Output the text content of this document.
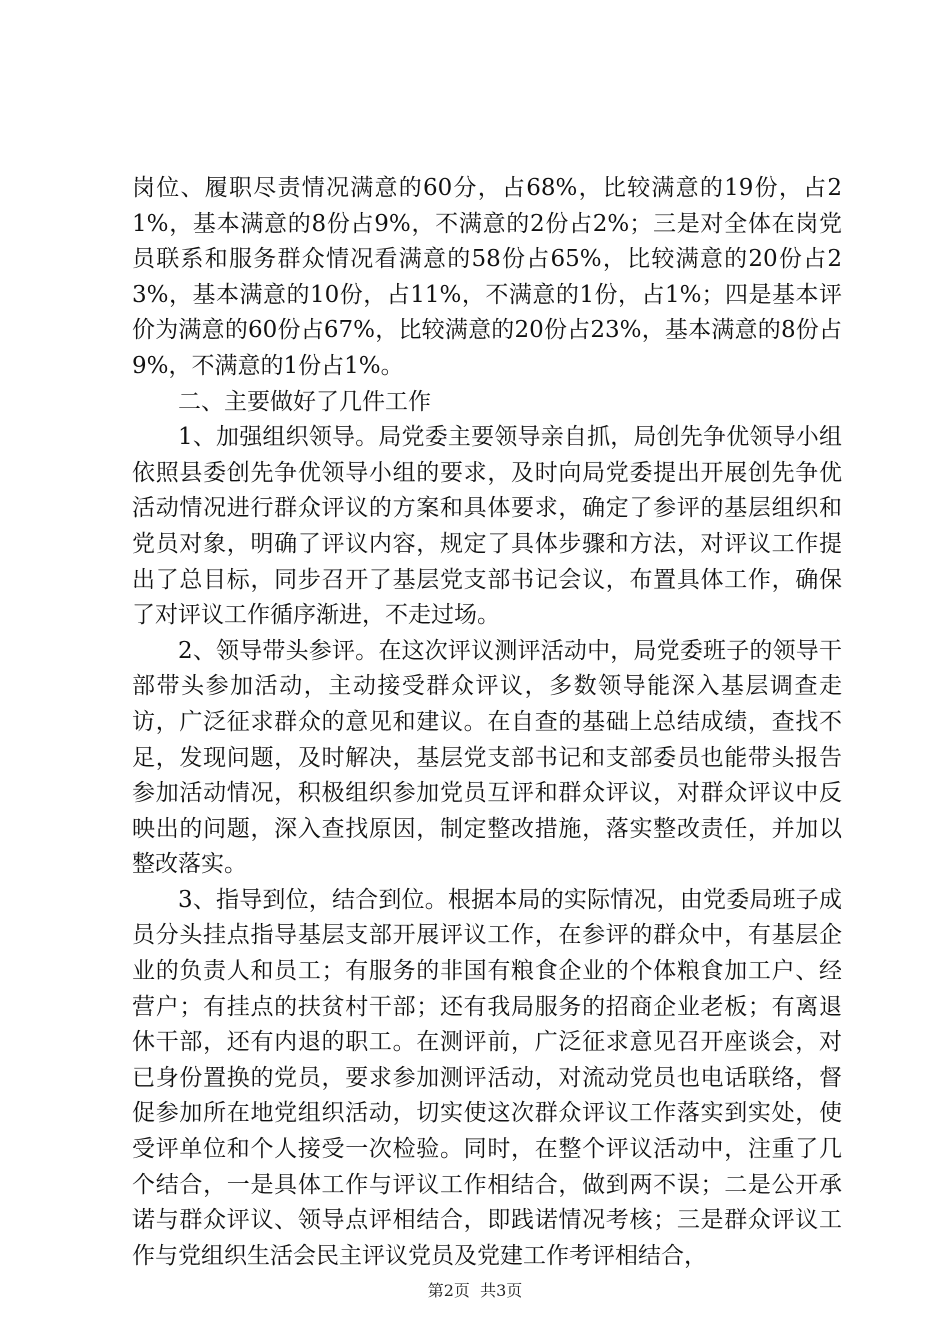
岗位、履职尽责情况满意的60分，占68%，比较满意的19份，占21%，基本满意的8份占9%，不满意的2份占2%；三是对全体在岗党员联系和服务群众情况看满意的58份占65%，比较满意的20份占23%，基本满意的10份，占11%，不满意的1份，占1%；四是基本评价为满意的60份占67%，比较满意的20份占23%，基本满意的8份占9%，不满意的1份占1%。

二、主要做好了几件工作

1、加强组织领导。局党委主要领导亲自抓，局创先争优领导小组依照县委创先争优领导小组的要求，及时向局党委提出开展创先争优活动情况进行群众评议的方案和具体要求，确定了参评的基层组织和党员对象，明确了评议内容，规定了具体步骤和方法，对评议工作提出了总目标，同步召开了基层党支部书记会议，布置具体工作，确保了对评议工作循序渐进，不走过场。

2、领导带头参评。在这次评议测评活动中，局党委班子的领导干部带头参加活动，主动接受群众评议，多数领导能深入基层调查走访，广泛征求群众的意见和建议。在自查的基础上总结成绩，查找不足，发现问题，及时解决，基层党支部书记和支部委员也能带头报告参加活动情况，积极组织参加党员互评和群众评议，对群众评议中反映出的问题，深入查找原因，制定整改措施，落实整改责任，并加以整改落实。

3、指导到位，结合到位。根据本局的实际情况，由党委局班子成员分头挂点指导基层支部开展评议工作，在参评的群众中，有基层企业的负责人和员工；有服务的非国有粮食企业的个体粮食加工户、经营户；有挂点的扶贫村干部；还有我局服务的招商企业老板；有离退休干部，还有内退的职工。在测评前，广泛征求意见召开座谈会，对已身份置换的党员，要求参加测评活动，对流动党员也电话联络，督促参加所在地党组织活动，切实使这次群众评议工作落实到实处，使受评单位和个人接受一次检验。同时，在整个评议活动中，注重了几个结合，一是具体工作与评议工作相结合，做到两不误；二是公开承诺与群众评议、领导点评相结合，即践诺情况考核；三是群众评议工作与党组织生活会民主评议党员及党建工作考评相结合，

第2页  共3页
